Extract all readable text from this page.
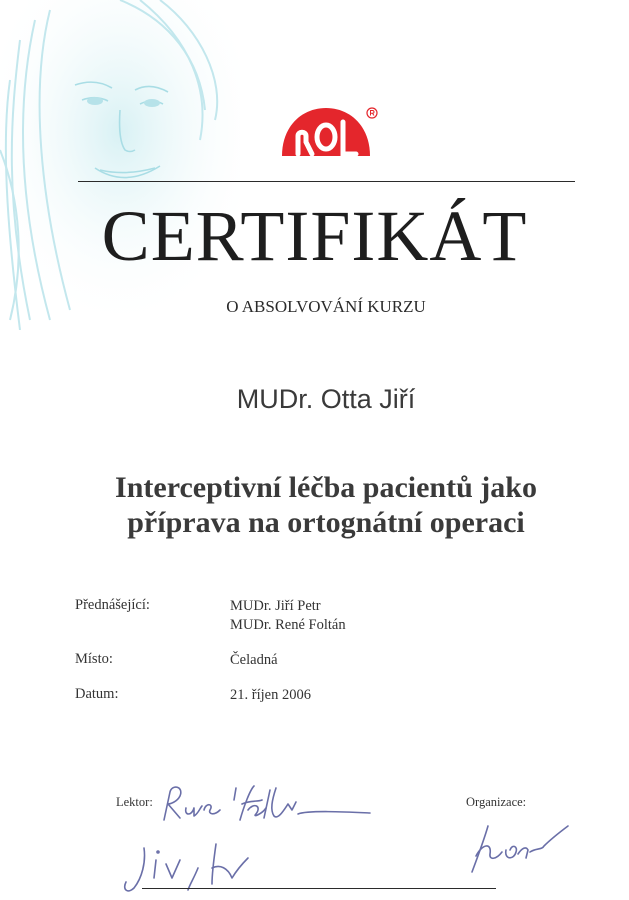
CERTIFIKÁT
O ABSOLVOVÁNÍ KURZU
MUDr. Otta Jiří
Interceptivní léčba pacientů jako
příprava na ortognátní operaci
Přednášející:	MUDr. Jiří Petr
MUDr. René Foltán
Místo:	Čeladná
Datum:	21. říjen 2006
Lektor:	Organizace:
